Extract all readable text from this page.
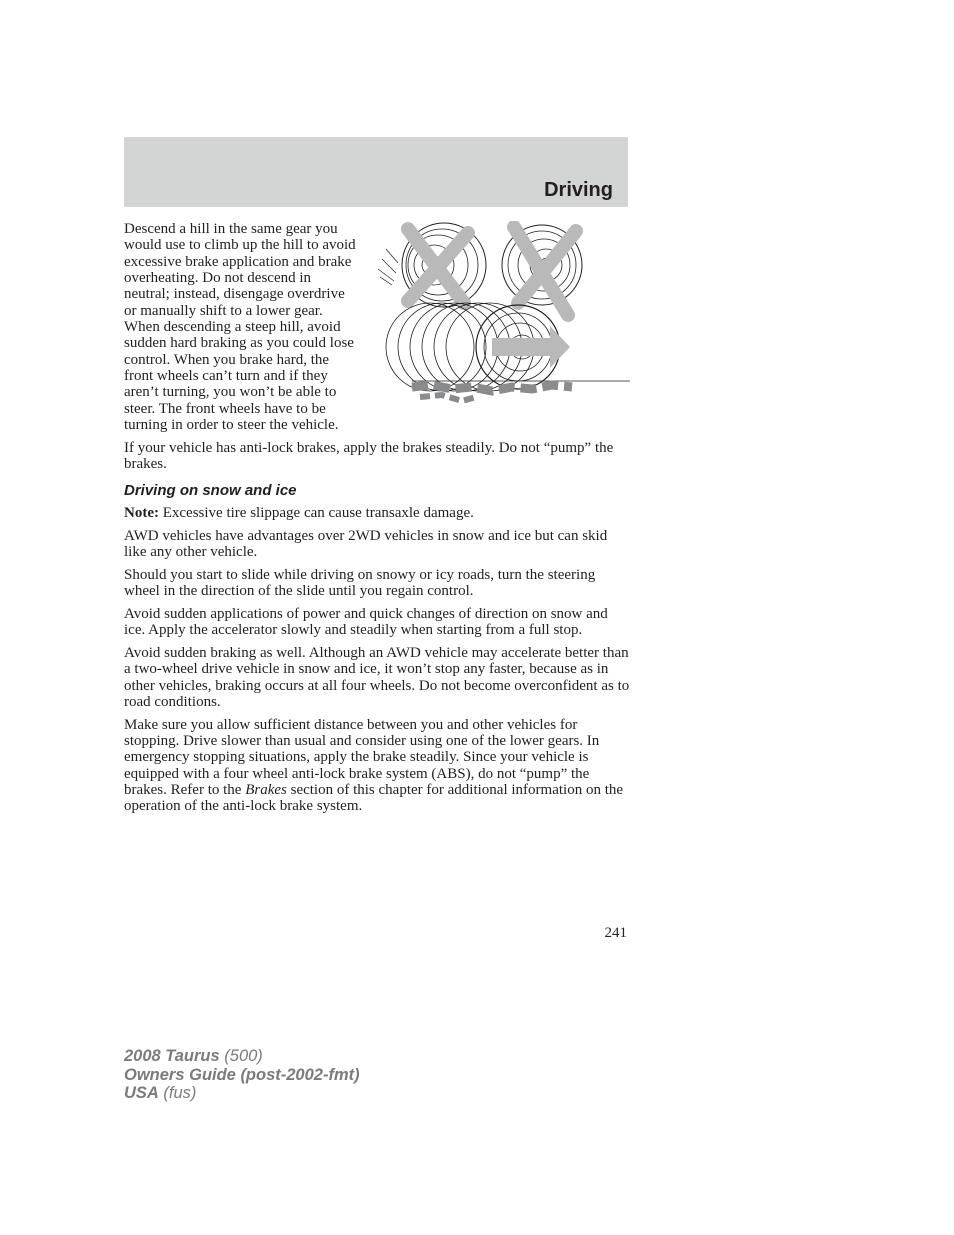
Driving

Descend a hill in the same gear you would use to climb up the hill to avoid excessive brake application and brake overheating. Do not descend in neutral; instead, disengage overdrive or manually shift to a lower gear. When descending a steep hill, avoid sudden hard braking as you could lose control. When you brake hard, the front wheels can’t turn and if they aren’t turning, you won’t be able to steer. The front wheels have to be turning in order to steer the vehicle.

If your vehicle has anti-lock brakes, apply the brakes steadily. Do not “pump” the brakes.

Driving on snow and ice

Note: Excessive tire slippage can cause transaxle damage.

AWD vehicles have advantages over 2WD vehicles in snow and ice but can skid like any other vehicle.

Should you start to slide while driving on snowy or icy roads, turn the steering wheel in the direction of the slide until you regain control.

Avoid sudden applications of power and quick changes of direction on snow and ice. Apply the accelerator slowly and steadily when starting from a full stop.

Avoid sudden braking as well. Although an AWD vehicle may accelerate better than a two-wheel drive vehicle in snow and ice, it won’t stop any faster, because as in other vehicles, braking occurs at all four wheels. Do not become overconfident as to road conditions.

Make sure you allow sufficient distance between you and other vehicles for stopping. Drive slower than usual and consider using one of the lower gears. In emergency stopping situations, apply the brake steadily. Since your vehicle is equipped with a four wheel anti-lock brake system (ABS), do not “pump” the brakes. Refer to the Brakes section of this chapter for additional information on the operation of the anti-lock brake system.

241
2008 Taurus (500)
Owners Guide (post-2002-fmt)
USA (fus)
